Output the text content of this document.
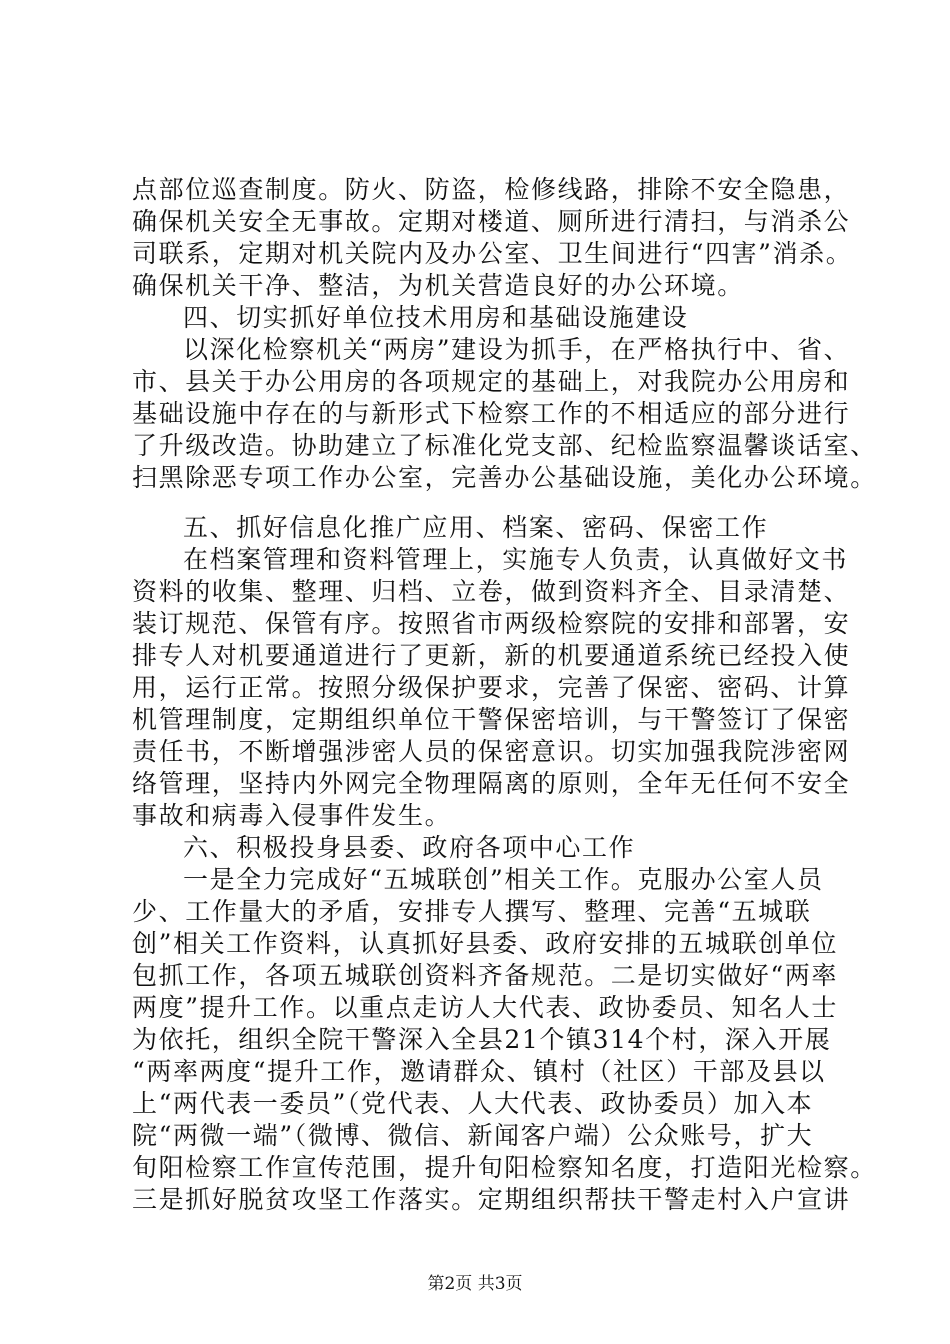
点部位巡查制度。防火、防盗，检修线路，排除不安全隐患，
确保机关安全无事故。定期对楼道、厕所进行清扫，与消杀公
司联系，定期对机关院内及办公室、卫生间进行“四害”消杀。
确保机关干净、整洁，为机关营造良好的办公环境。
四、切实抓好单位技术用房和基础设施建设
以深化检察机关“两房”建设为抓手，在严格执行中、省、
市、县关于办公用房的各项规定的基础上，对我院办公用房和
基础设施中存在的与新形式下检察工作的不相适应的部分进行
了升级改造。协助建立了标准化党支部、纪检监察温馨谈话室、
扫黑除恶专项工作办公室，完善办公基础设施，美化办公环境。
五、抓好信息化推广应用、档案、密码、保密工作
在档案管理和资料管理上，实施专人负责，认真做好文书
资料的收集、整理、归档、立卷，做到资料齐全、目录清楚、
装订规范、保管有序。按照省市两级检察院的安排和部署，安
排专人对机要通道进行了更新，新的机要通道系统已经投入使
用，运行正常。按照分级保护要求，完善了保密、密码、计算
机管理制度，定期组织单位干警保密培训，与干警签订了保密
责任书，不断增强涉密人员的保密意识。切实加强我院涉密网
络管理，坚持内外网完全物理隔离的原则，全年无任何不安全
事故和病毒入侵事件发生。
六、积极投身县委、政府各项中心工作
一是全力完成好“五城联创”相关工作。克服办公室人员
少、工作量大的矛盾，安排专人撰写、整理、完善“五城联
创”相关工作资料，认真抓好县委、政府安排的五城联创单位
包抓工作，各项五城联创资料齐备规范。二是切实做好“两率
两度”提升工作。以重点走访人大代表、政协委员、知名人士
为依托，组织全院干警深入全县21个镇314个村，深入开展
“两率两度“提升工作，邀请群众、镇村（社区）干部及县以
上“两代表一委员”（党代表、人大代表、政协委员）加入本
院“两微一端”（微博、微信、新闻客户端）公众账号，扩大
旬阳检察工作宣传范围，提升旬阳检察知名度，打造阳光检察。
三是抓好脱贫攻坚工作落实。定期组织帮扶干警走村入户宣讲
第2页 共3页
